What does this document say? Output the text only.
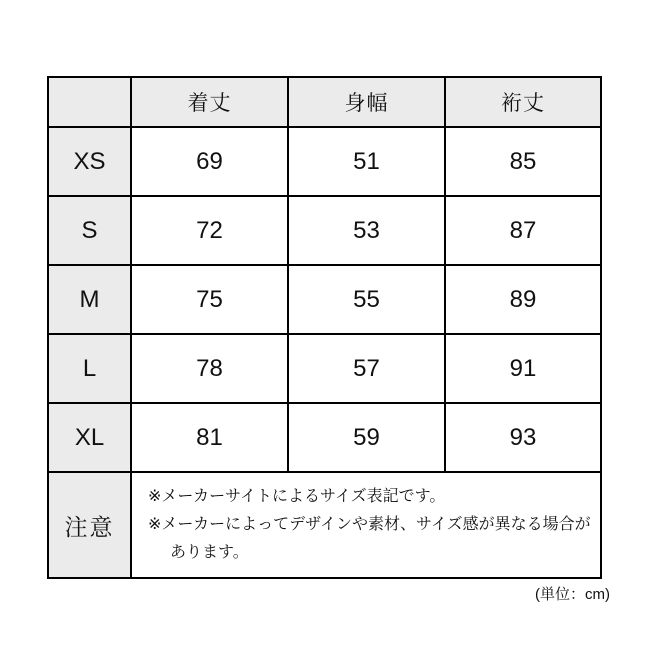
	着丈	身幅	裄丈
XS	69	51	85
S	72	53	87
M	75	55	89
L	78	57	91
XL	81	59	93
注意	※メーカーサイトによるサイズ表記です。
※メーカーによってデザインや素材、サイズ感が異なる場合が
あります。		
(単位：cm)
